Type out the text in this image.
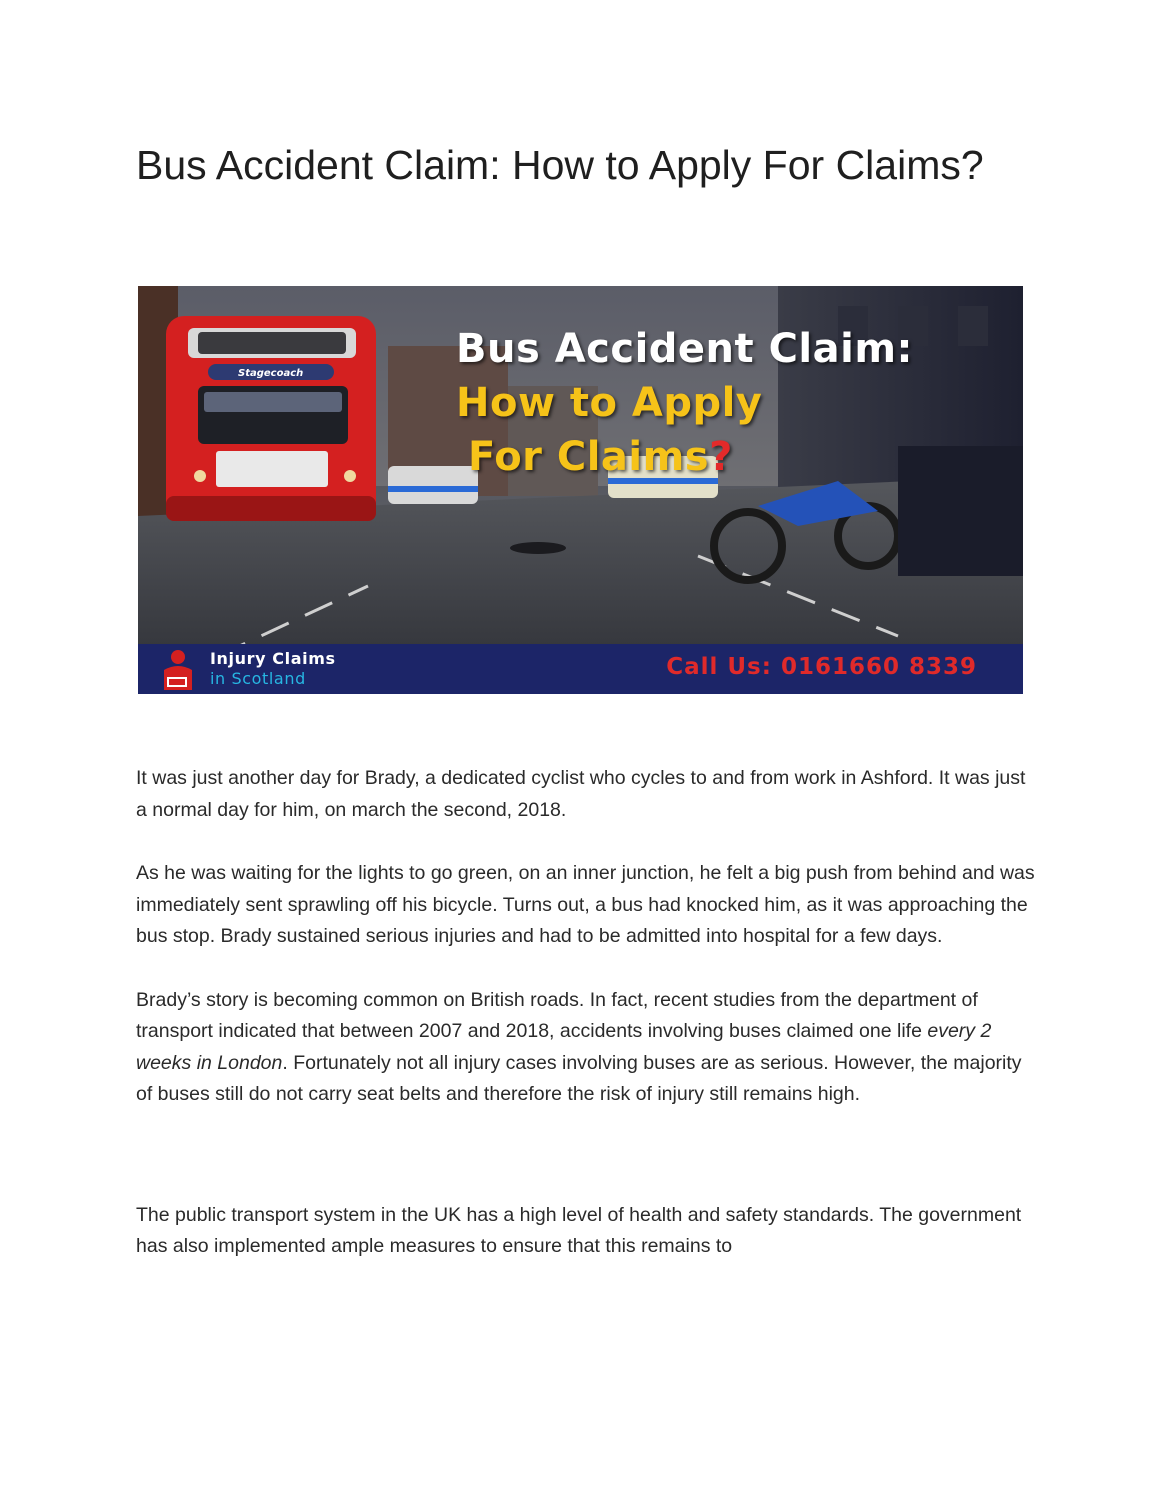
Bus Accident Claim: How to Apply For Claims?
Stagecoach
Bus Accident Claim:
How to Apply
For Claims?
Injury Claims
in Scotland	Call Us: 0161660 8339

It was just another day for Brady, a dedicated cyclist who cycles to and from work in Ashford. It was just a normal day for him, on march the second, 2018.

As he was waiting for the lights to go green, on an inner junction, he felt a big push from behind and was immediately sent sprawling off his bicycle. Turns out, a bus had knocked him, as it was approaching the bus stop. Brady sustained serious injuries and had to be admitted into hospital for a few days.

Brady’s story is becoming common on British roads. In fact, recent studies from the department of transport indicated that between 2007 and 2018, accidents involving buses claimed one life every 2 weeks in London. Fortunately not all injury cases involving buses are as serious. However, the majority of buses still do not carry seat belts and therefore the risk of injury still remains high.

The public transport system in the UK has a high level of health and safety standards. The government has also implemented ample measures to ensure that this remains to
